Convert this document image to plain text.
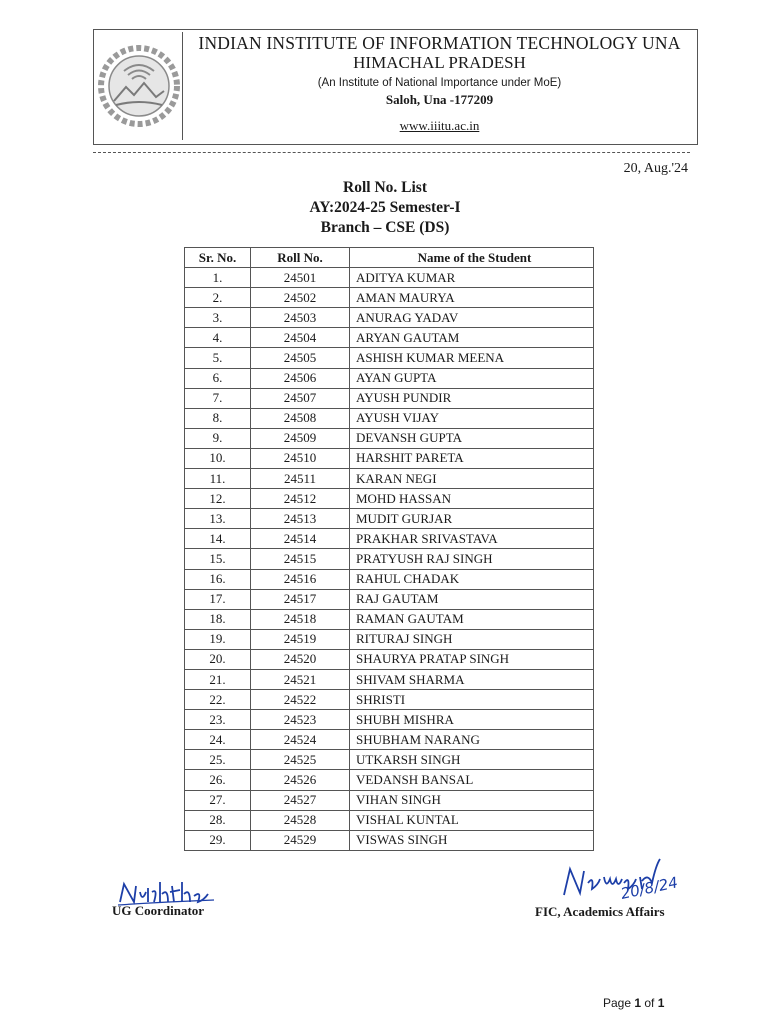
INDIAN INSTITUTE OF INFORMATION TECHNOLOGY UNA
HIMACHAL PRADESH
(An Institute of National Importance under MoE)
Saloh, Una -177209
www.iiitu.ac.in
20, Aug.'24
Roll No. List
AY:2024-25 Semester-I
Branch – CSE (DS)
Sr. No.	Roll No.	Name of the Student
1.	24501	ADITYA KUMAR
2.	24502	AMAN MAURYA
3.	24503	ANURAG YADAV
4.	24504	ARYAN GAUTAM
5.	24505	ASHISH KUMAR MEENA
6.	24506	AYAN GUPTA
7.	24507	AYUSH PUNDIR
8.	24508	AYUSH VIJAY
9.	24509	DEVANSH GUPTA
10.	24510	HARSHIT PARETA
11.	24511	KARAN NEGI
12.	24512	MOHD HASSAN
13.	24513	MUDIT GURJAR
14.	24514	PRAKHAR SRIVASTAVA
15.	24515	PRATYUSH RAJ SINGH
16.	24516	RAHUL CHADAK
17.	24517	RAJ GAUTAM
18.	24518	RAMAN GAUTAM
19.	24519	RITURAJ SINGH
20.	24520	SHAURYA PRATAP SINGH
21.	24521	SHIVAM SHARMA
22.	24522	SHRISTI
23.	24523	SHUBH MISHRA
24.	24524	SHUBHAM NARANG
25.	24525	UTKARSH SINGH
26.	24526	VEDANSH BANSAL
27.	24527	VIHAN SINGH
28.	24528	VISHAL KUNTAL
29.	24529	VISWAS SINGH
Nishtha
UG Coordinator
20/8/24
Naman
FIC, Academics Affairs
Page 1 of 1
